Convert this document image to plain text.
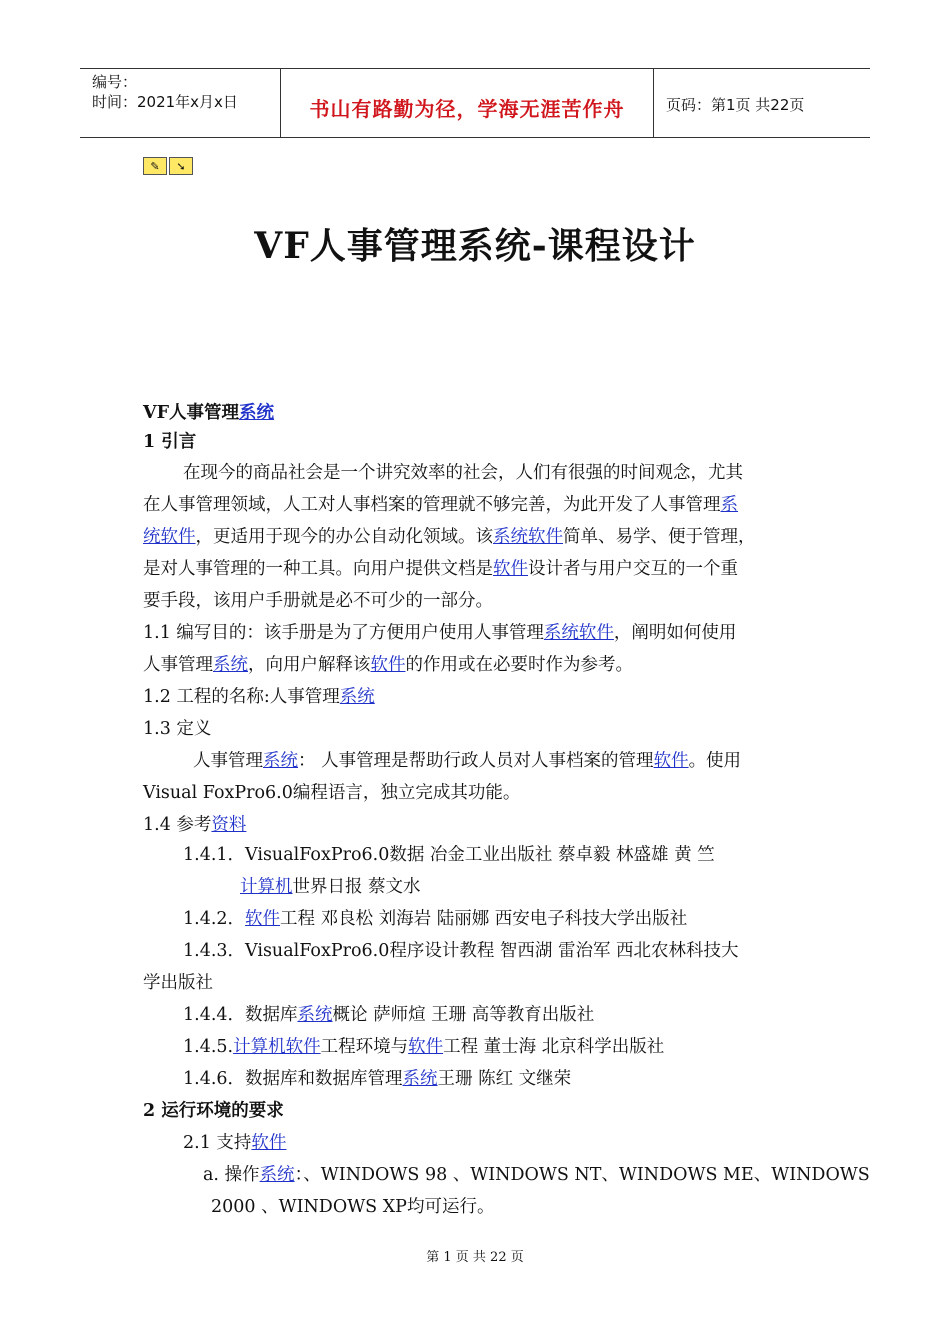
编号：
时间：2021年x月x日	书山有路勤为径，学海无涯苦作舟	页码：第1页 共22页
✎	➘
VF人事管理系统-课程设计
VF人事管理系统
1 引言
在现今的商品社会是一个讲究效率的社会，人们有很强的时间观念，尤其
在人事管理领域，人工对人事档案的管理就不够完善，为此开发了人事管理系
统软件，更适用于现今的办公自动化领域。该系统软件简单、易学、便于管理，
是对人事管理的一种工具。向用户提供文档是软件设计者与用户交互的一个重
要手段，该用户手册就是必不可少的一部分。
1.1 编写目的：该手册是为了方便用户使用人事管理系统软件，阐明如何使用
人事管理系统，向用户解释该软件的作用或在必要时作为参考。
1.2 工程的名称:人事管理系统
1.3 定义
人事管理系统： 人事管理是帮助行政人员对人事档案的管理软件。使用
Visual FoxPro6.0编程语言，独立完成其功能。
1.4 参考资料
1.4.1．VisualFoxPro6.0数据 冶金工业出版社 蔡卓毅 林盛雄 黄 竺
计算机世界日报 蔡文水
1.4.2．软件工程 邓良松 刘海岩 陆丽娜 西安电子科技大学出版社
1.4.3．VisualFoxPro6.0程序设计教程 智西湖 雷治军 西北农林科技大
学出版社
1.4.4．数据库系统概论 萨师煊 王珊 高等教育出版社
1.4.5.计算机软件工程环境与软件工程 董士海 北京科学出版社
1.4.6．数据库和数据库管理系统王珊 陈红 文继荣
2 运行环境的要求
2.1 支持软件
a. 操作系统：、WINDOWS 98 、WINDOWS NT、WINDOWS ME、WINDOWS
2000 、WINDOWS XP均可运行。
第 1 页 共 22 页
